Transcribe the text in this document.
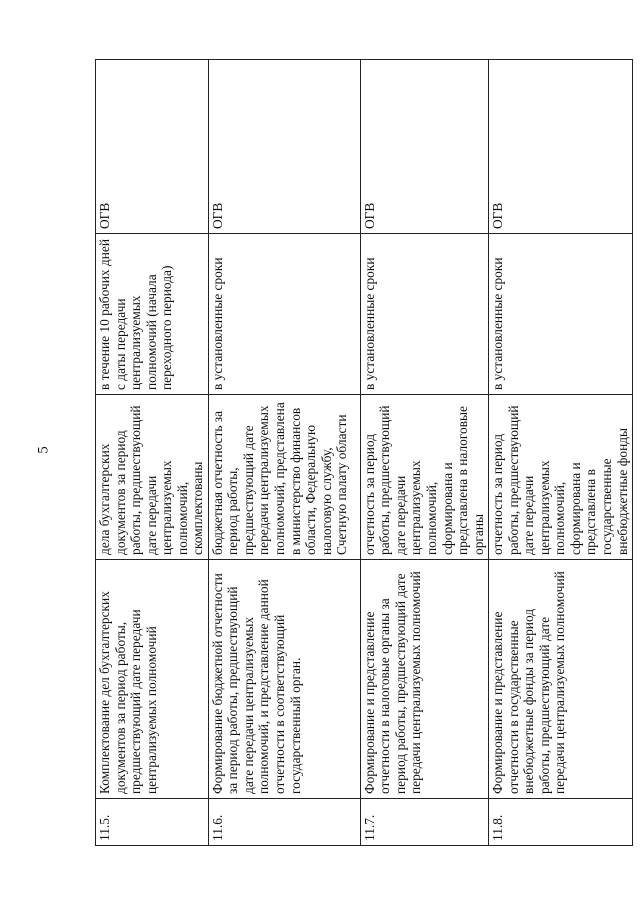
5
11.5.	Комплектование дел бухгалтерских документов за период работы, предшествующий дате передачи централизуемых полномочий	дела бухгалтерских документов за период работы, предшествующий дате передачи централизуемых полномочий, скомплектованы	в течение 10 рабочих дней с даты передачи централизуемых полномочий (начала переходного периода)	ОГВ
11.6.	Формирование бюджетной отчетности за период работы, предшествующий дате передачи централизуемых полномочий, и представление данной отчетности в соответствующий государственный орган.	бюджетная отчетность за период работы, предшествующий дате передачи централизуемых полномочий, представлена в министерство финансов области, Федеральную налоговую службу, Счетную палату области	в установленные сроки	ОГВ
11.7.	Формирование и представление отчетности в налоговые органы за период работы, предшествующий дате передачи централизуемых полномочий	отчетность за период работы, предшествующий дате передачи централизуемых полномочий, сформирована и представлена в налоговые органы	в установленные сроки	ОГВ
11.8.	Формирование и представление отчетности в государственные внебюджетные фонды за период работы, предшествующий дате передачи централизуемых полномочий	отчетность за период работы, предшествующий дате передачи централизуемых полномочий, сформирована и представлена в государственные внебюджетные фонды	в установленные сроки	ОГВ
